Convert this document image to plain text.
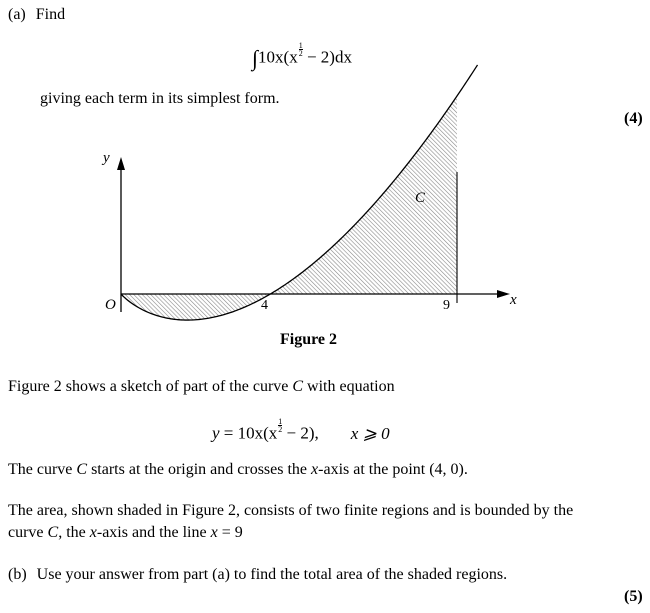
(a) Find
$\int 10x(x \frac{1}{2} - 2)dx$
giving each term in its simplest form.
(4)
y
x
O
C
4	9
Figure 2
Figure 2 shows a sketch of part of the curve C with equation
$y = 10x(x \frac{1}{2} - 2)$, x ⩾ 0
The curve C starts at the origin and crosses the x-axis at the point (4, 0).
The area, shown shaded in Figure 2, consists of two finite regions and is bounded by the
curve C, the x-axis and the line x = 9
(b) Use your answer from part (a) to find the total area of the shaded regions.
(5)
